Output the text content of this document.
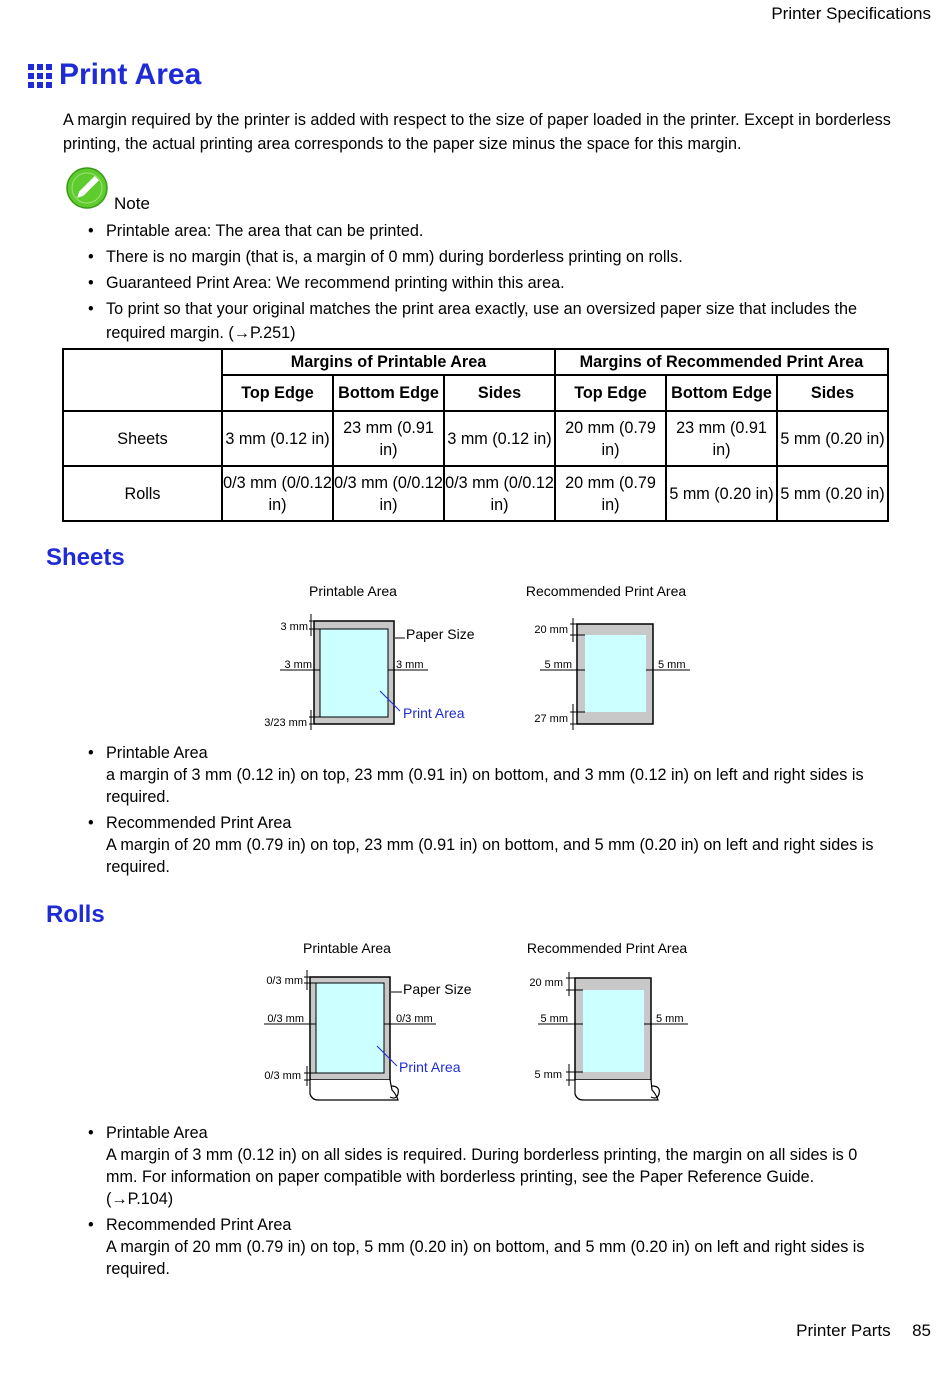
Printer Specifications
Print Area
A margin required by the printer is added with respect to the size of paper loaded in the printer. Except in borderless printing, the actual printing area corresponds to the paper size minus the space for this margin.
Note
• Printable area: The area that can be printed.
• There is no margin (that is, a margin of 0 mm) during borderless printing on rolls.
• Guaranteed Print Area: We recommend printing within this area.
• To print so that your original matches the print area exactly, use an oversized paper size that includes the required margin. (→P.251)
	Margins of Printable Area			Margins of Recommended Print Area		
	Top Edge	Bottom Edge	Sides	Top Edge	Bottom Edge	Sides
Sheets	3 mm (0.12 in)	23 mm (0.91 in)	3 mm (0.12 in)	20 mm (0.79 in)	23 mm (0.91 in)	5 mm (0.20 in)
Rolls	0/3 mm (0/0.12 in)	0/3 mm (0/0.12 in)	0/3 mm (0/0.12 in)	20 mm (0.79 in)	5 mm (0.20 in)	5 mm (0.20 in)
Sheets
Printable Area	Recommended Print Area
3 mm
3 mm	3 mm
3/23 mm
Paper Size
Print Area
20 mm
5 mm	5 mm
27 mm
• Printable Area
a margin of 3 mm (0.12 in) on top, 23 mm (0.91 in) on bottom, and 3 mm (0.12 in) on left and right sides is required.
• Recommended Print Area
A margin of 20 mm (0.79 in) on top, 23 mm (0.91 in) on bottom, and 5 mm (0.20 in) on left and right sides is required.
Rolls
Printable Area	Recommended Print Area
0/3 mm
0/3 mm	0/3 mm
0/3 mm
Paper Size
Print Area
20 mm
5 mm	5 mm
5 mm
• Printable Area
A margin of 3 mm (0.12 in) on all sides is required. During borderless printing, the margin on all sides is 0 mm. For information on paper compatible with borderless printing, see the Paper Reference Guide. (→P.104)
• Recommended Print Area
A margin of 20 mm (0.79 in) on top, 5 mm (0.20 in) on bottom, and 5 mm (0.20 in) on left and right sides is required.
Printer Parts 85
